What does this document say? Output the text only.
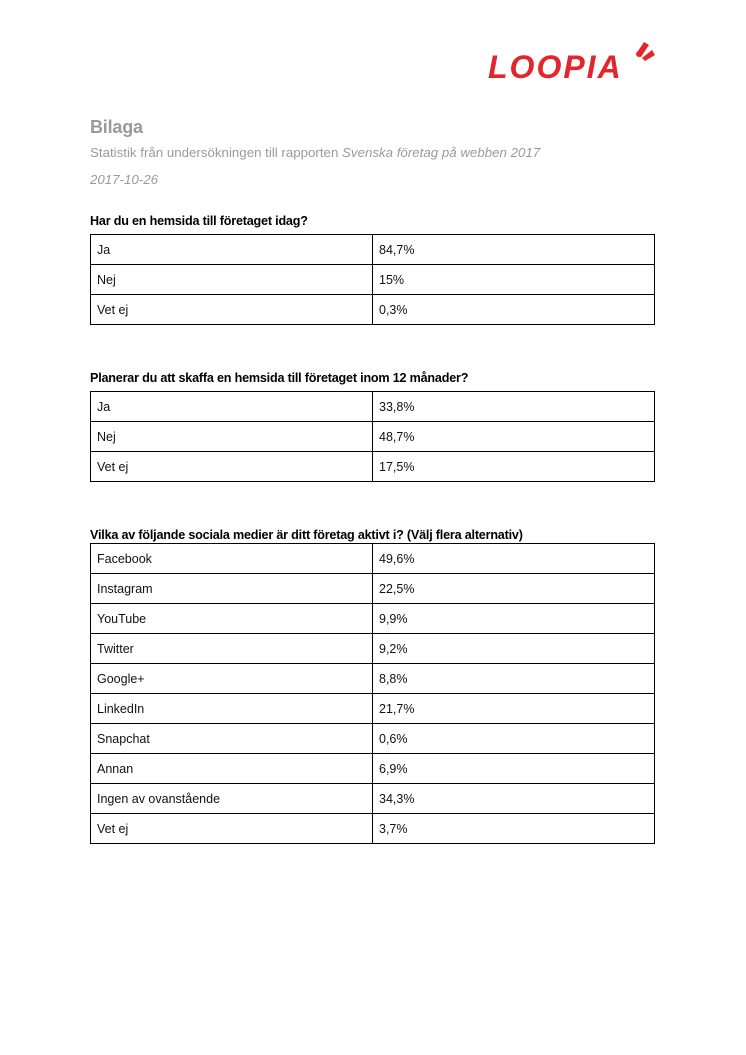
LOOPIA
Bilaga
Statistik från undersökningen till rapporten Svenska företag på webben 2017
2017-10-26
Har du en hemsida till företaget idag?
Ja	84,7%
Nej	15%
Vet ej	0,3%
Planerar du att skaffa en hemsida till företaget inom 12 månader?
Ja	33,8%
Nej	48,7%
Vet ej	17,5%
Vilka av följande sociala medier är ditt företag aktivt i? (Välj flera alternativ)
Facebook	49,6%
Instagram	22,5%
YouTube	9,9%
Twitter	9,2%
Google+	8,8%
LinkedIn	21,7%
Snapchat	0,6%
Annan	6,9%
Ingen av ovanstående	34,3%
Vet ej	3,7%
